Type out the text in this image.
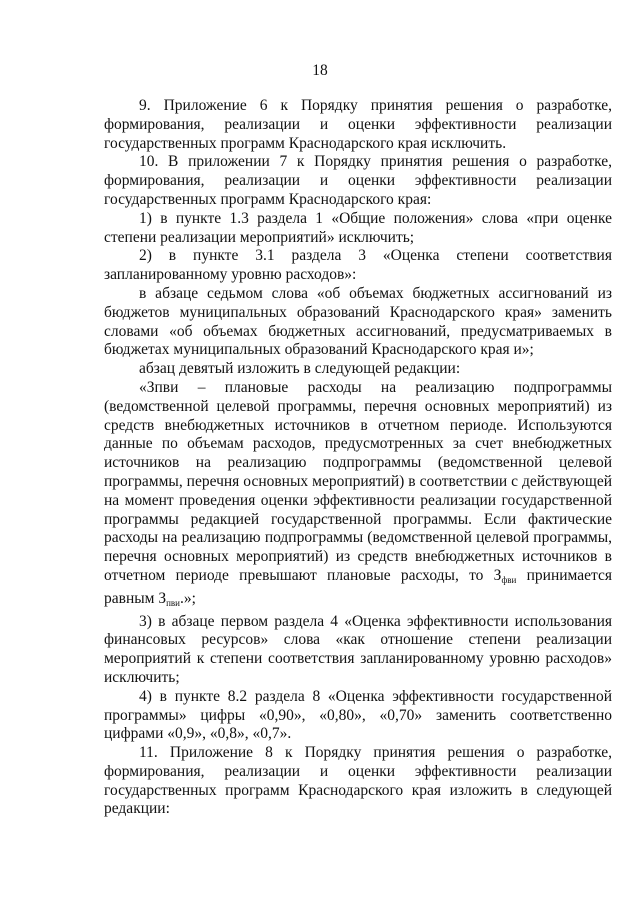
18

9. Приложение 6 к Порядку принятия решения о разработке, формирования, реализации и оценки эффективности реализации государственных программ Краснодарского края исключить.

10. В приложении 7 к Порядку принятия решения о разработке, формирования, реализации и оценки эффективности реализации государственных программ Краснодарского края:

1) в пункте 1.3 раздела 1 «Общие положения» слова «при оценке степени реализации мероприятий» исключить;

2) в пункте 3.1 раздела 3 «Оценка степени соответствия запланированному уровню расходов»:

в абзаце седьмом слова «об объемах бюджетных ассигнований из бюджетов муниципальных образований Краснодарского края» заменить словами «об объемах бюджетных ассигнований, предусматриваемых в бюджетах муниципальных образований Краснодарского края и»;

абзац девятый изложить в следующей редакции:

«Зпви – плановые расходы на реализацию подпрограммы (ведомственной целевой программы, перечня основных мероприятий) из средств внебюджетных источников в отчетном периоде. Используются данные по объемам расходов, предусмотренных за счет внебюджетных источников на реализацию подпрограммы (ведомственной целевой программы, перечня основных мероприятий) в соответствии с действующей на момент проведения оценки эффективности реализации государственной программы редакцией государственной программы. Если фактические расходы на реализацию подпрограммы (ведомственной целевой программы, перечня основных мероприятий) из средств внебюджетных источников в отчетном периоде превышают плановые расходы, то $З_{фви}$ принимается равным $З_{пви}$.»;

3) в абзаце первом раздела 4 «Оценка эффективности использования финансовых ресурсов» слова «как отношение степени реализации мероприятий к степени соответствия запланированному уровню расходов» исключить;

4) в пункте 8.2 раздела 8 «Оценка эффективности государственной программы» цифры «0,90», «0,80», «0,70» заменить соответственно цифрами «0,9», «0,8», «0,7».

11. Приложение 8 к Порядку принятия решения о разработке, формирования, реализации и оценки эффективности реализации государственных программ Краснодарского края изложить в следующей редакции:
